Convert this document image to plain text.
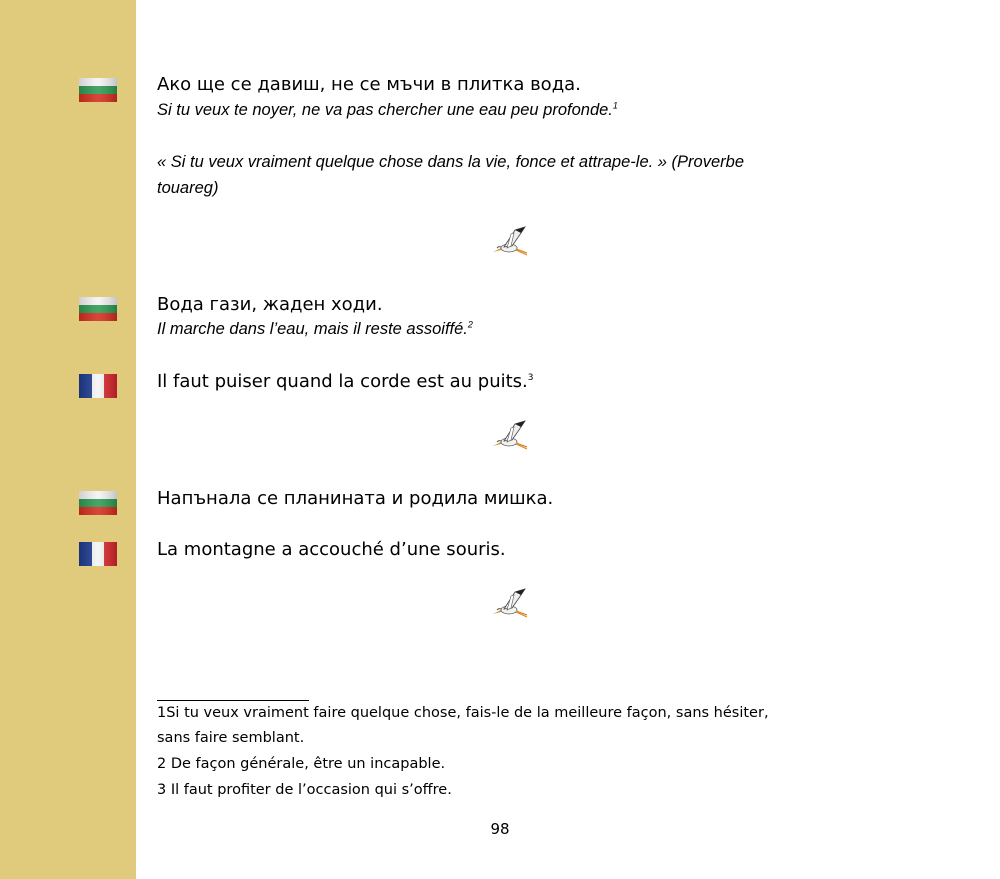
Ако ще се давиш, не се мъчи в плитка вода.

Si tu veux te noyer, ne va pas chercher une eau peu profonde.$^1$

« Si tu veux vraiment quelque chose dans la vie, fonce et attrape-le. » (Proverbe

touareg)

Вода гази, жаден ходи.

Il marche dans l’eau, mais il reste assoiffé.$^2$

Il faut puiser quand la corde est au puits.$^3$

Напънала се планината и родила мишка.

La montagne a accouché d’une souris.

1Si tu veux vraiment faire quelque chose, fais-le de la meilleure façon, sans hésiter,

sans faire semblant.

2 De façon générale, être un incapable.

3 Il faut profiter de l’occasion qui s’offre.

98
